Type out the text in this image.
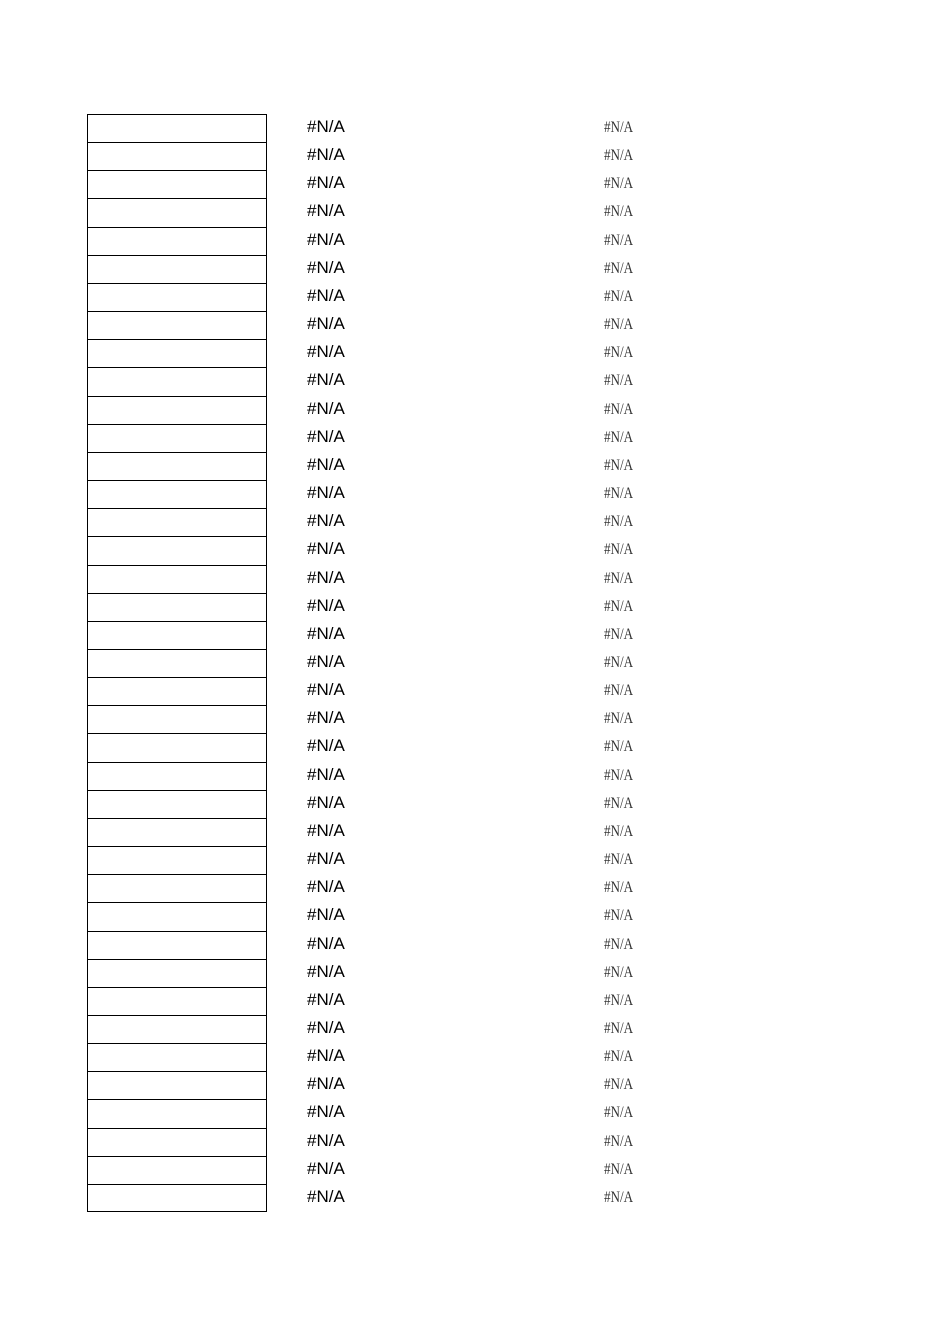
#N/A	#N/A
#N/A	#N/A
#N/A	#N/A
#N/A	#N/A
#N/A	#N/A
#N/A	#N/A
#N/A	#N/A
#N/A	#N/A
#N/A	#N/A
#N/A	#N/A
#N/A	#N/A
#N/A	#N/A
#N/A	#N/A
#N/A	#N/A
#N/A	#N/A
#N/A	#N/A
#N/A	#N/A
#N/A	#N/A
#N/A	#N/A
#N/A	#N/A
#N/A	#N/A
#N/A	#N/A
#N/A	#N/A
#N/A	#N/A
#N/A	#N/A
#N/A	#N/A
#N/A	#N/A
#N/A	#N/A
#N/A	#N/A
#N/A	#N/A
#N/A	#N/A
#N/A	#N/A
#N/A	#N/A
#N/A	#N/A
#N/A	#N/A
#N/A	#N/A
#N/A	#N/A
#N/A	#N/A
#N/A	#N/A
